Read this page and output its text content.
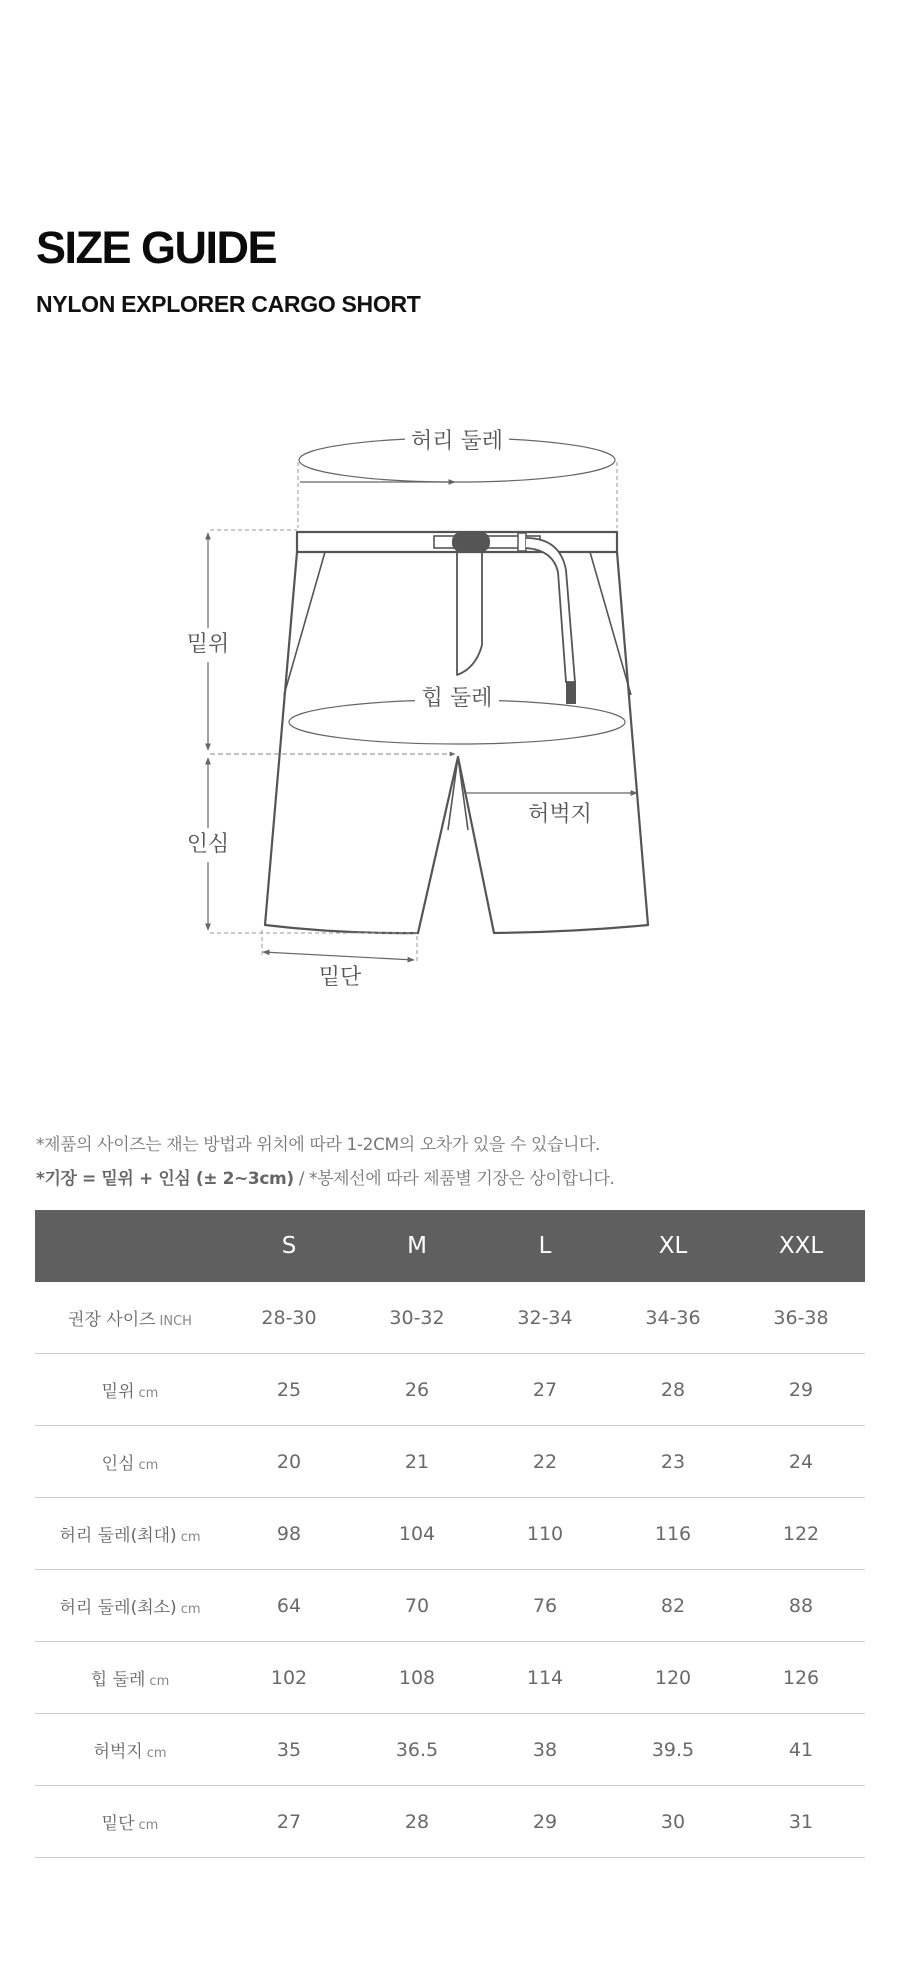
SIZE GUIDE
NYLON EXPLORER CARGO SHORT
허리 둘레
밑위
힙 둘레
인심
허벅지
밑단
*제품의 사이즈는 재는 방법과 위치에 따라 1-2CM의 오차가 있을 수 있습니다.
*기장 = 밑위 + 인심 (± 2~3cm) / *봉제선에 따라 제품별 기장은 상이합니다.
	S	M	L	XL	XXL
권장 사이즈 INCH	28-30	30-32	32-34	34-36	36-38
밑위 cm	25	26	27	28	29
인심 cm	20	21	22	23	24
허리 둘레(최대) cm	98	104	110	116	122
허리 둘레(최소) cm	64	70	76	82	88
힙 둘레 cm	102	108	114	120	126
허벅지 cm	35	36.5	38	39.5	41
밑단 cm	27	28	29	30	31
